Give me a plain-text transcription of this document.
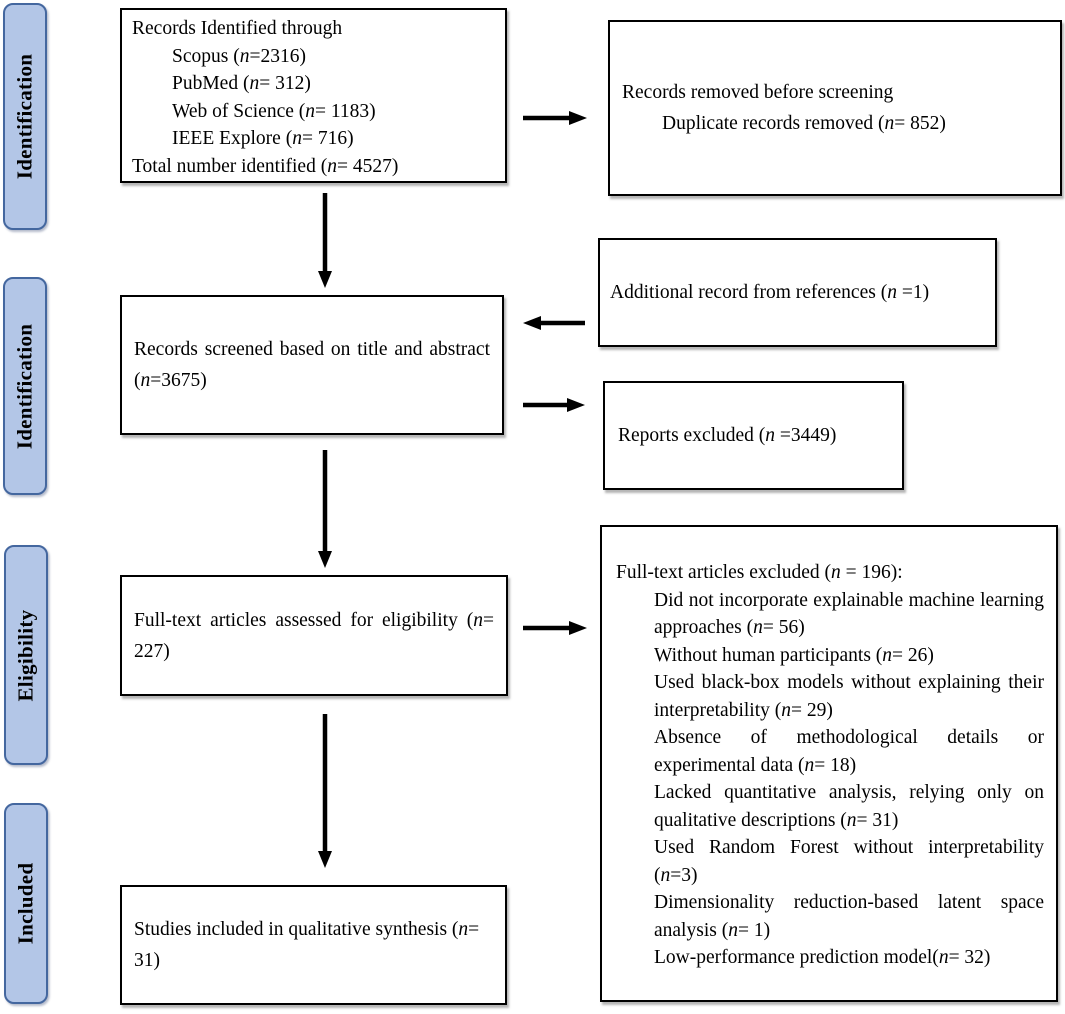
Identification
Identification
Eligibility
Included
Records Identified through
Scopus (n=2316)
PubMed (n= 312)
Web of Science (n= 1183)
IEEE Explore (n= 716)
Total number identified (n= 4527)
Records removed before screening
Duplicate records removed (n= 852)
Records screened based on title and abstract (n=3675)
Additional record from references (n =1)
Reports excluded (n =3449)
Full-text articles assessed for eligibility (n= 227)
Full-text articles excluded (n = 196):
Did not incorporate explainable machine learning approaches (n= 56)
Without human participants (n= 26)
Used black-box models without explaining their interpretability (n= 29)
Absence of methodological details or experimental data (n= 18)
Lacked quantitative analysis, relying only on qualitative descriptions (n= 31)
Used Random Forest without interpretability (n=3)
Dimensionality reduction-based latent space analysis (n= 1)
Low-performance prediction model(n= 32)
Studies included in qualitative synthesis (n= 31)
